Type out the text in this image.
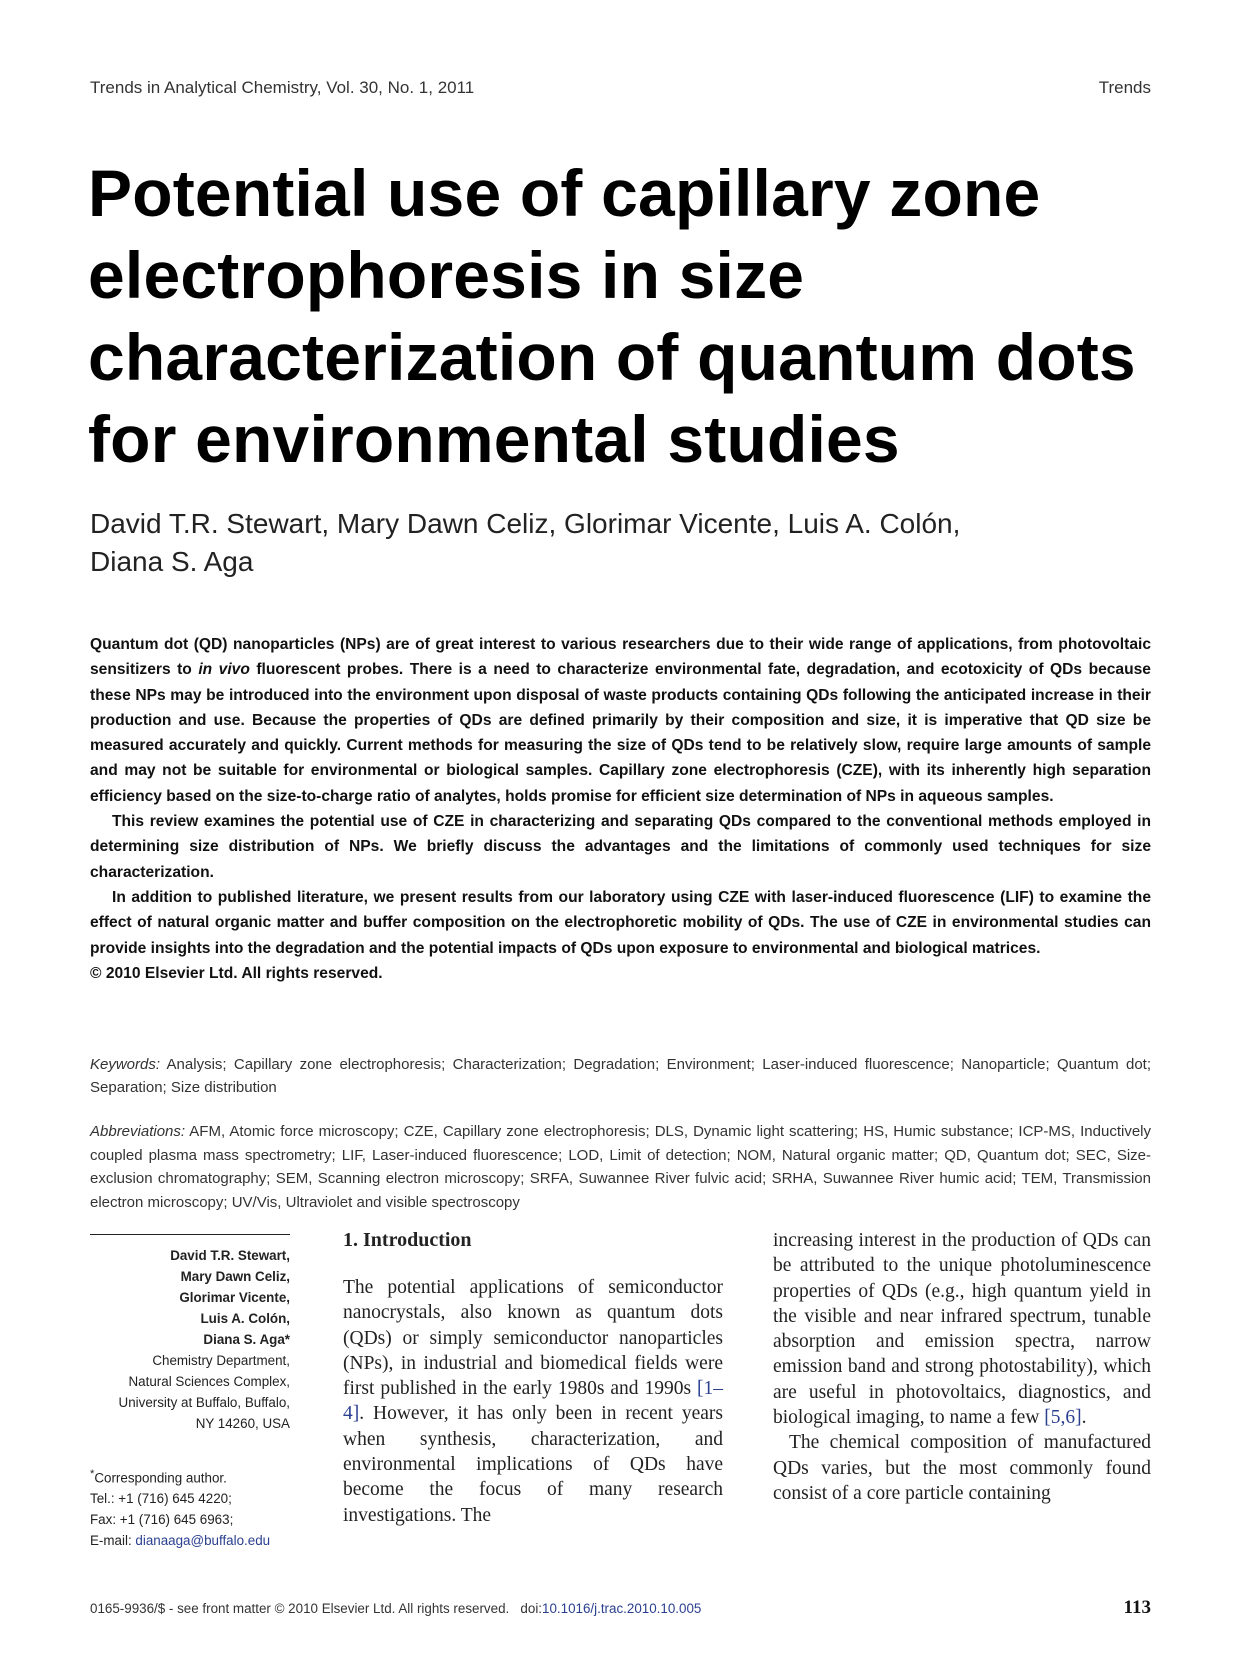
Trends in Analytical Chemistry, Vol. 30, No. 1, 2011	Trends
Potential use of capillary zone
electrophoresis in size
characterization of quantum dots
for environmental studies
David T.R. Stewart, Mary Dawn Celiz, Glorimar Vicente, Luis A. Colón,
Diana S. Aga

Quantum dot (QD) nanoparticles (NPs) are of great interest to various researchers due to their wide range of applications, from photovoltaic sensitizers to in vivo fluorescent probes. There is a need to characterize environmental fate, degradation, and ecotoxicity of QDs because these NPs may be introduced into the environment upon disposal of waste products containing QDs following the anticipated increase in their production and use. Because the properties of QDs are defined primarily by their composition and size, it is imperative that QD size be measured accurately and quickly. Current methods for measuring the size of QDs tend to be relatively slow, require large amounts of sample and may not be suitable for environmental or biological samples. Capillary zone electrophoresis (CZE), with its inherently high separation efficiency based on the size-to-charge ratio of analytes, holds promise for efficient size determination of NPs in aqueous samples.

This review examines the potential use of CZE in characterizing and separating QDs compared to the conventional methods employed in determining size distribution of NPs. We briefly discuss the advantages and the limitations of commonly used techniques for size characterization.

In addition to published literature, we present results from our laboratory using CZE with laser-induced fluorescence (LIF) to examine the effect of natural organic matter and buffer composition on the electrophoretic mobility of QDs. The use of CZE in environmental studies can provide insights into the degradation and the potential impacts of QDs upon exposure to environmental and biological matrices.

© 2010 Elsevier Ltd. All rights reserved.

Keywords: Analysis; Capillary zone electrophoresis; Characterization; Degradation; Environment; Laser-induced fluorescence; Nanoparticle; Quantum dot; Separation; Size distribution
Abbreviations: AFM, Atomic force microscopy; CZE, Capillary zone electrophoresis; DLS, Dynamic light scattering; HS, Humic substance; ICP-MS, Inductively coupled plasma mass spectrometry; LIF, Laser-induced fluorescence; LOD, Limit of detection; NOM, Natural organic matter; QD, Quantum dot; SEC, Size-exclusion chromatography; SEM, Scanning electron microscopy; SRFA, Suwannee River fulvic acid; SRHA, Suwannee River humic acid; TEM, Transmission electron microscopy; UV/Vis, Ultraviolet and visible spectroscopy
David T.R. Stewart,
Mary Dawn Celiz,
Glorimar Vicente,
Luis A. Colón,
Diana S. Aga*
Chemistry Department,
Natural Sciences Complex,
University at Buffalo, Buffalo,
NY 14260, USA
*Corresponding author.
Tel.: +1 (716) 645 4220;
Fax: +1 (716) 645 6963;
E-mail: dianaaga@buffalo.edu
1. Introduction

The potential applications of semiconductor nanocrystals, also known as quantum dots (QDs) or simply semiconductor nanoparticles (NPs), in industrial and biomedical fields were first published in the early 1980s and 1990s [1–4]. However, it has only been in recent years when synthesis, characterization, and environmental implications of QDs have become the focus of many research investigations. The

increasing interest in the production of QDs can be attributed to the unique photoluminescence properties of QDs (e.g., high quantum yield in the visible and near infrared spectrum, tunable absorption and emission spectra, narrow emission band and strong photostability), which are useful in photovoltaics, diagnostics, and biological imaging, to name a few [5,6].

The chemical composition of manufactured QDs varies, but the most commonly found consist of a core particle containing

0165-9936/$ - see front matter © 2010 Elsevier Ltd. All rights reserved. doi:10.1016/j.trac.2010.10.005	113
